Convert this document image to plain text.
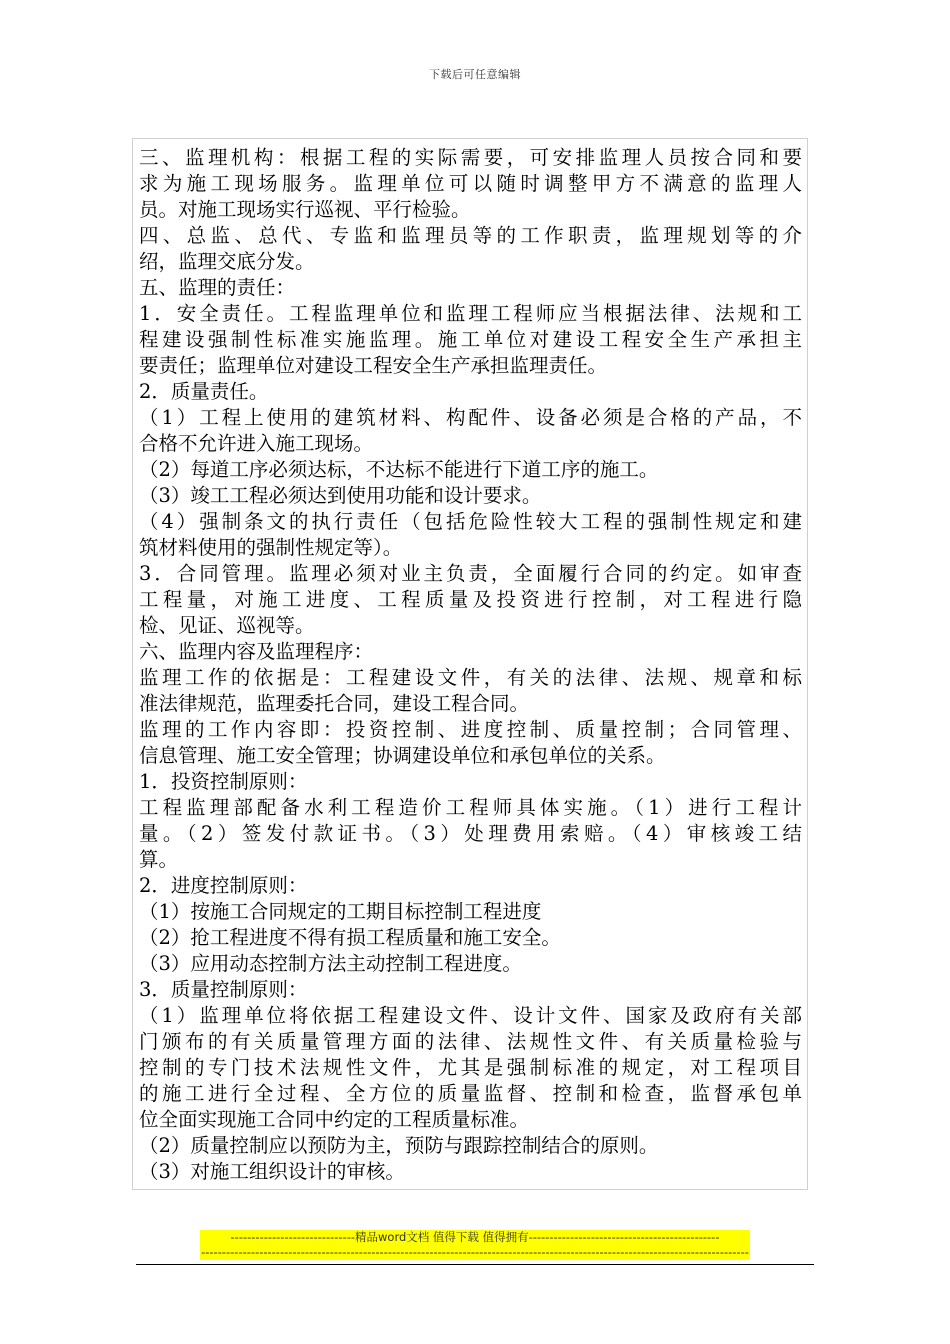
下载后可任意编辑
三、监理机构：根据工程的实际需要，可安排监理人员按合同和要
求为施工现场服务。监理单位可以随时调整甲方不满意的监理人
员。对施工现场实行巡视、平行检验。
四、总监、总代、专监和监理员等的工作职责，监理规划等的介
绍，监理交底分发。
五、监理的责任：
1．安全责任。工程监理单位和监理工程师应当根据法律、法规和工
程建设强制性标准实施监理。施工单位对建设工程安全生产承担主
要责任；监理单位对建设工程安全生产承担监理责任。
2．质量责任。
（1）工程上使用的建筑材料、构配件、设备必须是合格的产品，不
合格不允许进入施工现场。
（2）每道工序必须达标，不达标不能进行下道工序的施工。
（3）竣工工程必须达到使用功能和设计要求。
（4）强制条文的执行责任（包括危险性较大工程的强制性规定和建
筑材料使用的强制性规定等）。
3．合同管理。监理必须对业主负责，全面履行合同的约定。如审查
工程量，对施工进度、工程质量及投资进行控制，对工程进行隐
检、见证、巡视等。
六、监理内容及监理程序：
监理工作的依据是：工程建设文件，有关的法律、法规、规章和标
准法律规范，监理委托合同，建设工程合同。
监理的工作内容即：投资控制、进度控制、质量控制；合同管理、
信息管理、施工安全管理；协调建设单位和承包单位的关系。
1．投资控制原则：
工程监理部配备水利工程造价工程师具体实施。（1）进行工程计
量。（2）签发付款证书。（3）处理费用索赔。（4）审核竣工结
算。
2．进度控制原则：
（1）按施工合同规定的工期目标控制工程进度
（2）抢工程进度不得有损工程质量和施工安全。
（3）应用动态控制方法主动控制工程进度。
3．质量控制原则：
（1）监理单位将依据工程建设文件、设计文件、国家及政府有关部
门颁布的有关质量管理方面的法律、法规性文件、有关质量检验与
控制的专门技术法规性文件，尤其是强制标准的规定，对工程项目
的施工进行全过程、全方位的质量监督、控制和检查，监督承包单
位全面实现施工合同中约定的工程质量标准。
（2）质量控制应以预防为主，预防与跟踪控制结合的原则。
（3）对施工组织设计的审核。
------------------------------精品word文档 值得下载 值得拥有----------------------------------------------
------------------------------------------------------------------------------------------------------------------------------------
